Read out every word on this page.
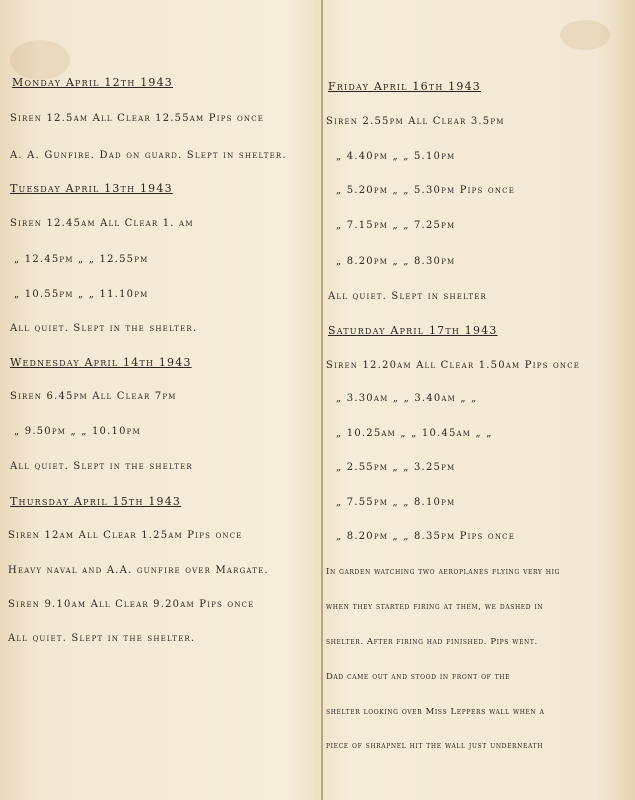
Monday April 12th 1943
Siren 12.5am All Clear 12.55am Pips once
A. A. Gunfire. Dad on guard. Slept in shelter.
Tuesday April 13th 1943
Siren 12.45am All Clear 1. am
„ 12.45pm „ „ 12.55pm
„ 10.55pm „ „ 11.10pm
All quiet. Slept in the shelter.
Wednesday April 14th 1943
Siren 6.45pm All Clear 7pm
„ 9.50pm „ „ 10.10pm
All quiet. Slept in the shelter
Thursday April 15th 1943
Siren 12am All Clear 1.25am Pips once
Heavy naval and A.A. gunfire over Margate.
Siren 9.10am All Clear 9.20am Pips once
All quiet. Slept in the shelter.
Friday April 16th 1943
Siren 2.55pm All Clear 3.5pm
„ 4.40pm „ „ 5.10pm
„ 5.20pm „ „ 5.30pm Pips once
„ 7.15pm „ „ 7.25pm
„ 8.20pm „ „ 8.30pm
All quiet. Slept in shelter
Saturday April 17th 1943
Siren 12.20am All Clear 1.50am Pips once
„ 3.30am „ „ 3.40am „ „
„ 10.25am „ „ 10.45am „ „
„ 2.55pm „ „ 3.25pm
„ 7.55pm „ „ 8.10pm
„ 8.20pm „ „ 8.35pm Pips once
In garden watching two aeroplanes flying very hig
when they started firing at them, we dashed in
shelter. After firing had finished. Pips went.
Dad came out and stood in front of the
shelter looking over Miss Leppers wall when a
piece of shrapnel hit the wall just underneath
